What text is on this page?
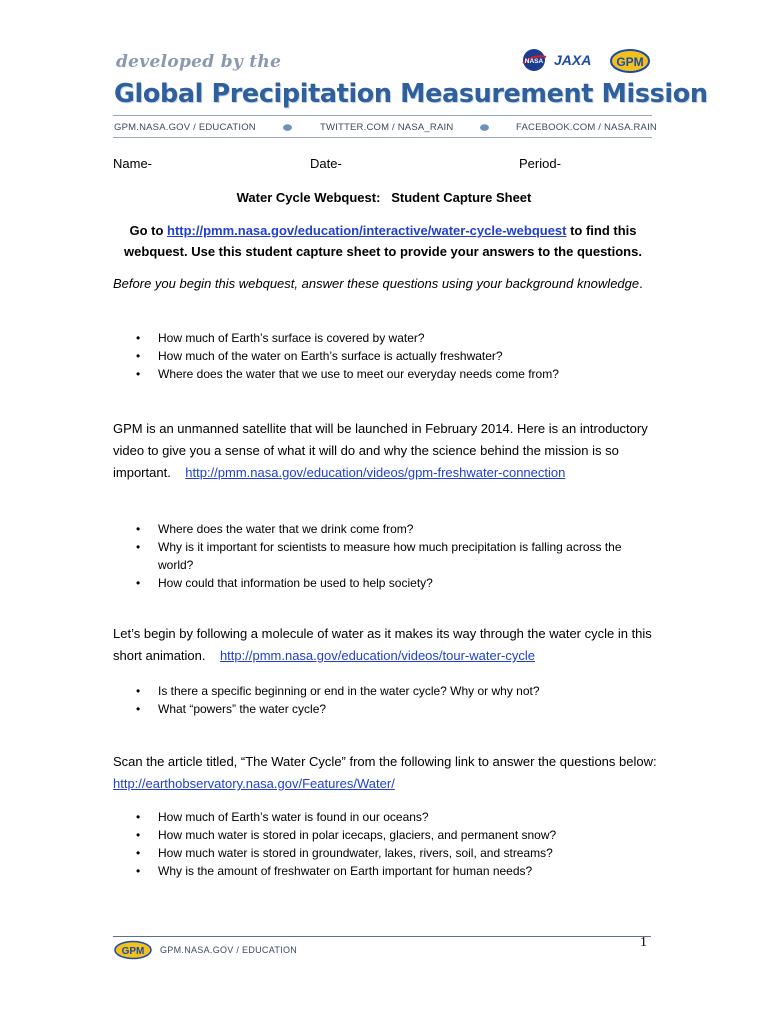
developed by the	NASA JAXA GPM
Global Precipitation Measurement Mission
GPM.NASA.GOV / EDUCATION	TWITTER.COM / NASA_RAIN	FACEBOOK.COM / NASA.RAIN
Name-	Date-	Period-
Water Cycle Webquest:   Student Capture Sheet
Go to http://pmm.nasa.gov/education/interactive/water-cycle-webquest to find this webquest. Use this student capture sheet to provide your answers to the questions.
Before you begin this webquest, answer these questions using your background knowledge.
• How much of Earth’s surface is covered by water?
• How much of the water on Earth’s surface is actually freshwater?
• Where does the water that we use to meet our everyday needs come from?
GPM is an unmanned satellite that will be launched in February 2014. Here is an introductory video to give you a sense of what it will do and why the science behind the mission is so important. http://pmm.nasa.gov/education/videos/gpm-freshwater-connection
• Where does the water that we drink come from?
• Why is it important for scientists to measure how much precipitation is falling across the world?
• How could that information be used to help society?
Let’s begin by following a molecule of water as it makes its way through the water cycle in this short animation. http://pmm.nasa.gov/education/videos/tour-water-cycle
• Is there a specific beginning or end in the water cycle? Why or why not?
• What “powers” the water cycle?
Scan the article titled, “The Water Cycle” from the following link to answer the questions below: http://earthobservatory.nasa.gov/Features/Water/
• How much of Earth’s water is found in our oceans?
• How much water is stored in polar icecaps, glaciers, and permanent snow?
• How much water is stored in groundwater, lakes, rivers, soil, and streams?
• Why is the amount of freshwater on Earth important for human needs?
GPM GPM.NASA.GOV / EDUCATION	1
